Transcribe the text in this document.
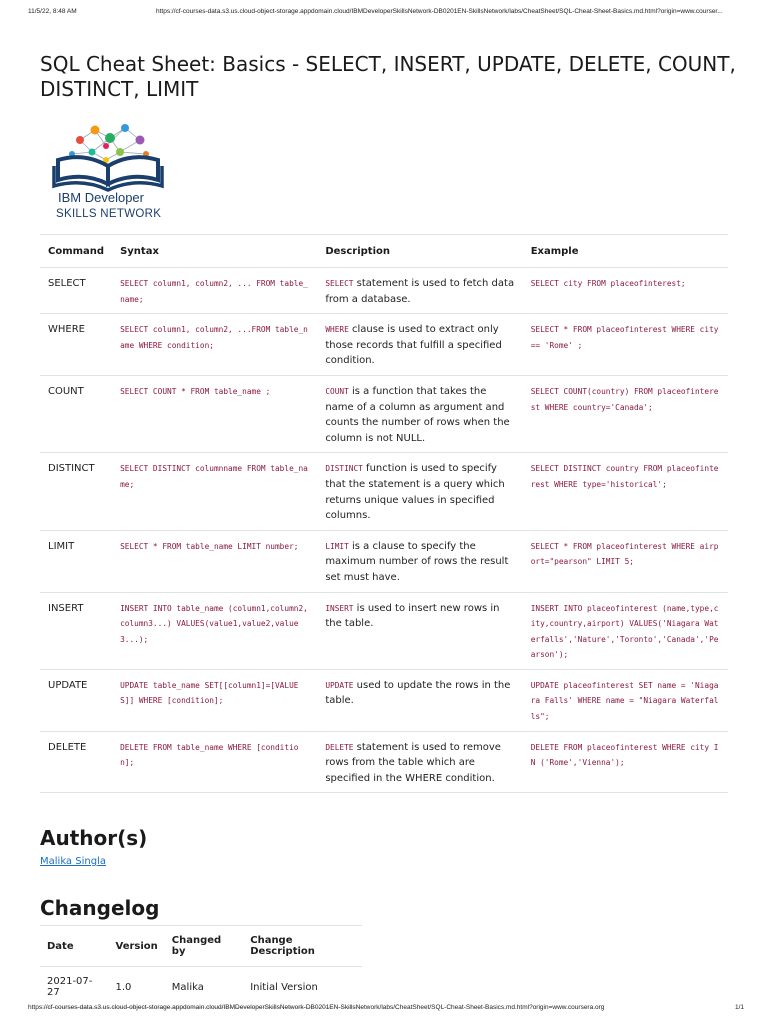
11/5/22, 8:48 AM	https://cf-courses-data.s3.us.cloud-object-storage.appdomain.cloud/IBMDeveloperSkillsNetwork-DB0201EN-SkillsNetwork/labs/CheatSheet/SQL-Cheat-Sheet-Basics.md.html?origin=www.courser...
SQL Cheat Sheet: Basics - SELECT, INSERT, UPDATE, DELETE, COUNT, DISTINCT, LIMIT
IBM Developer
SKILLS NETWORK
Command	Syntax	Description	Example
SELECT	SELECT column1, column2, ... FROM table_name;	SELECT statement is used to fetch data from a database.	SELECT city FROM placeofinterest;
WHERE	SELECT column1, column2, ...FROM table_name WHERE condition;	WHERE clause is used to extract only those records that fulfill a specified condition.	SELECT * FROM placeofinterest WHERE city == 'Rome' ;
COUNT	SELECT COUNT * FROM table_name ;	COUNT is a function that takes the name of a column as argument and counts the number of rows when the column is not NULL.	SELECT COUNT(country) FROM placeofinterest WHERE country='Canada';
DISTINCT	SELECT DISTINCT columnname FROM table_name;	DISTINCT function is used to specify that the statement is a query which returns unique values in specified columns.	SELECT DISTINCT country FROM placeofinterest WHERE type='historical';
LIMIT	SELECT * FROM table_name LIMIT number;	LIMIT is a clause to specify the maximum number of rows the result set must have.	SELECT * FROM placeofinterest WHERE airport="pearson" LIMIT 5;
INSERT	INSERT INTO table_name (column1,column2,column3...) VALUES(value1,value2,value3...);	INSERT is used to insert new rows in the table.	INSERT INTO placeofinterest (name,type,city,country,airport) VALUES('Niagara Waterfalls','Nature','Toronto','Canada','Pearson');
UPDATE	UPDATE table_name SET[[column1]=[VALUES]] WHERE [condition];	UPDATE used to update the rows in the table.	UPDATE placeofinterest SET name = 'Niagara Falls' WHERE name = "Niagara Waterfalls";
DELETE	DELETE FROM table_name WHERE [condition];	DELETE statement is used to remove rows from the table which are specified in the WHERE condition.	DELETE FROM placeofinterest WHERE city IN ('Rome','Vienna');
Author(s)
Malika Singla
Changelog
Date	Version	Changed by	Change Description
2021-07-27	1.0	Malika	Initial Version
https://cf-courses-data.s3.us.cloud-object-storage.appdomain.cloud/IBMDeveloperSkillsNetwork-DB0201EN-SkillsNetwork/labs/CheatSheet/SQL-Cheat-Sheet-Basics.md.html?origin=www.coursera.org	1/1
